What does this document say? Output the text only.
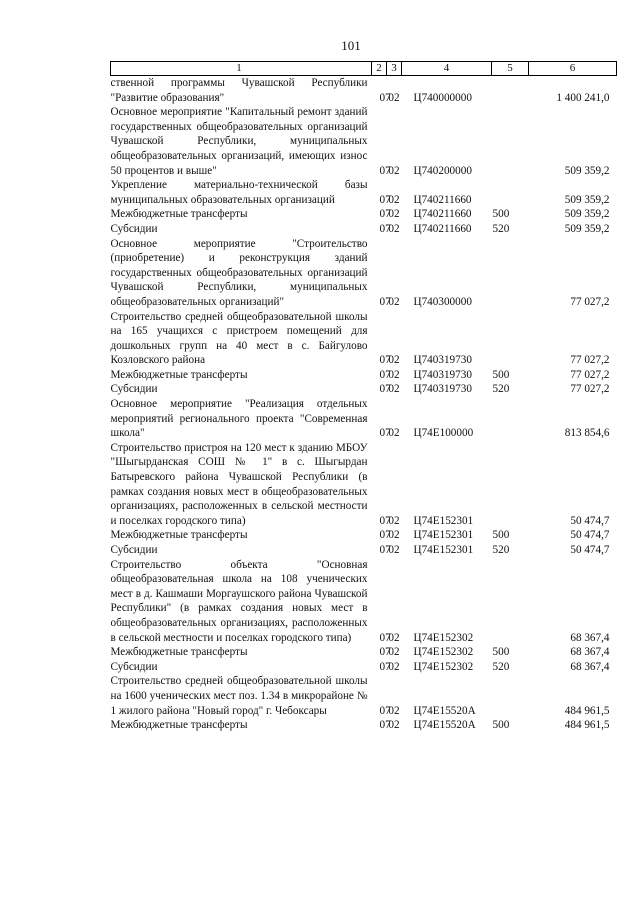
101
1	2	3	4	5	6
ственной программы Чувашской Республики "Развитие образования"	07	02	Ц740000000		1 400 241,0
Основное мероприятие "Капитальный ремонт зданий государственных общеобразовательных организаций Чувашской Республики, муниципальных общеобразовательных организаций, имеющих износ 50 процентов и выше"	07	02	Ц740200000		509 359,2
Укрепление материально-технической базы муниципальных образовательных организаций	07	02	Ц740211660		509 359,2
Межбюджетные трансферты	07	02	Ц740211660	500	509 359,2
Субсидии	07	02	Ц740211660	520	509 359,2
Основное мероприятие "Строительство (приобретение) и реконструкция зданий государственных общеобразовательных организаций Чувашской Республики, муниципальных общеобразовательных организаций"	07	02	Ц740300000		77 027,2
Строительство средней общеобразовательной школы на 165 учащихся с пристроем помещений для дошкольных групп на 40 мест в с. Байгулово Козловского района	07	02	Ц740319730		77 027,2
Межбюджетные трансферты	07	02	Ц740319730	500	77 027,2
Субсидии	07	02	Ц740319730	520	77 027,2
Основное мероприятие "Реализация отдельных мероприятий регионального проекта "Современная школа"	07	02	Ц74Е100000		813 854,6
Строительство пристроя на 120 мест к зданию МБОУ "Шыгырданская СОШ № 1" в с. Шыгырдан Батыревского района Чувашской Республики (в рамках создания новых мест в общеобразовательных организациях, расположенных в сельской местности и поселках городского типа)	07	02	Ц74Е152301		50 474,7
Межбюджетные трансферты	07	02	Ц74Е152301	500	50 474,7
Субсидии	07	02	Ц74Е152301	520	50 474,7
Строительство объекта "Основная общеобразовательная школа на 108 ученических мест в д. Кашмаши Моргаушского района Чувашской Республики" (в рамках создания новых мест в общеобразовательных организациях, расположенных в сельской местности и поселках городского типа)	07	02	Ц74Е152302		68 367,4
Межбюджетные трансферты	07	02	Ц74Е152302	500	68 367,4
Субсидии	07	02	Ц74Е152302	520	68 367,4
Строительство средней общеобразовательной школы на 1600 ученических мест поз. 1.34 в микрорайоне № 1 жилого района "Новый город" г. Чебоксары	07	02	Ц74Е15520А		484 961,5
Межбюджетные трансферты	07	02	Ц74Е15520А	500	484 961,5
